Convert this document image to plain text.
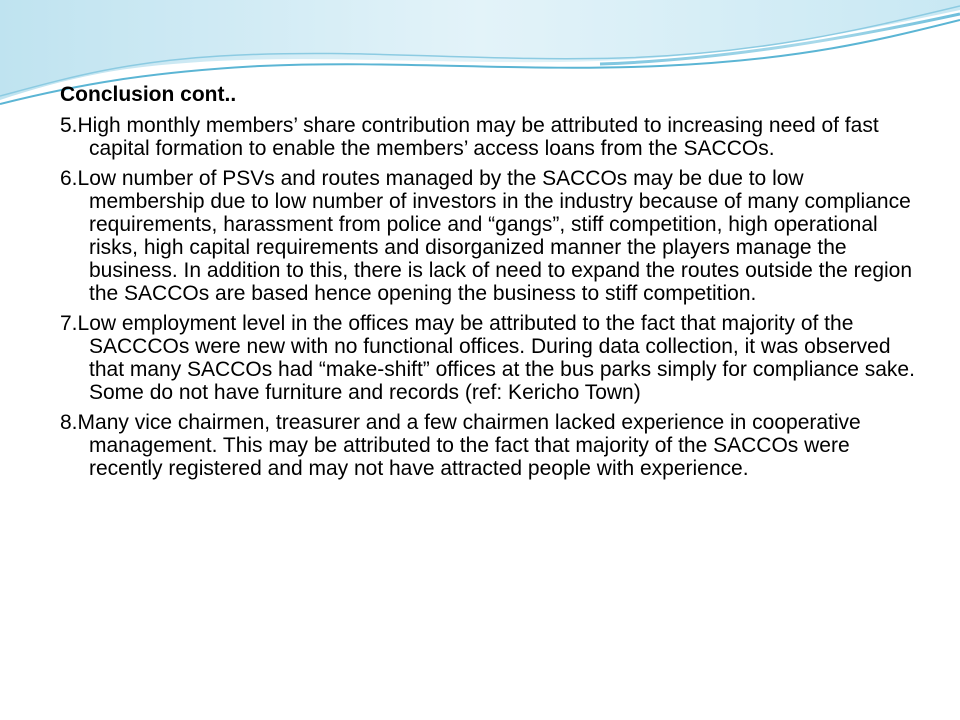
Conclusion cont..
5.High monthly members’ share contribution may be attributed to increasing need of fast capital formation to enable the members’ access loans from the SACCOs.
6.Low number of PSVs and routes managed by the SACCOs may be due to low membership due to low number of investors in the industry because of many compliance requirements, harassment from police and “gangs”, stiff competition, high operational risks, high capital requirements and disorganized manner the players manage the business. In addition to this, there is lack of need to expand the routes outside the region the SACCOs are based hence opening the business to stiff competition.
7.Low employment level in the offices may be attributed to the fact that majority of the SACCCOs were new with no functional offices. During data collection, it was observed that many SACCOs had “make-shift” offices at the bus parks simply for compliance sake. Some do not have furniture and records (ref: Kericho Town)
8.Many vice chairmen, treasurer and a few chairmen lacked experience in cooperative management. This may be attributed to the fact that majority of the SACCOs were recently registered and may not have attracted people with experience.
